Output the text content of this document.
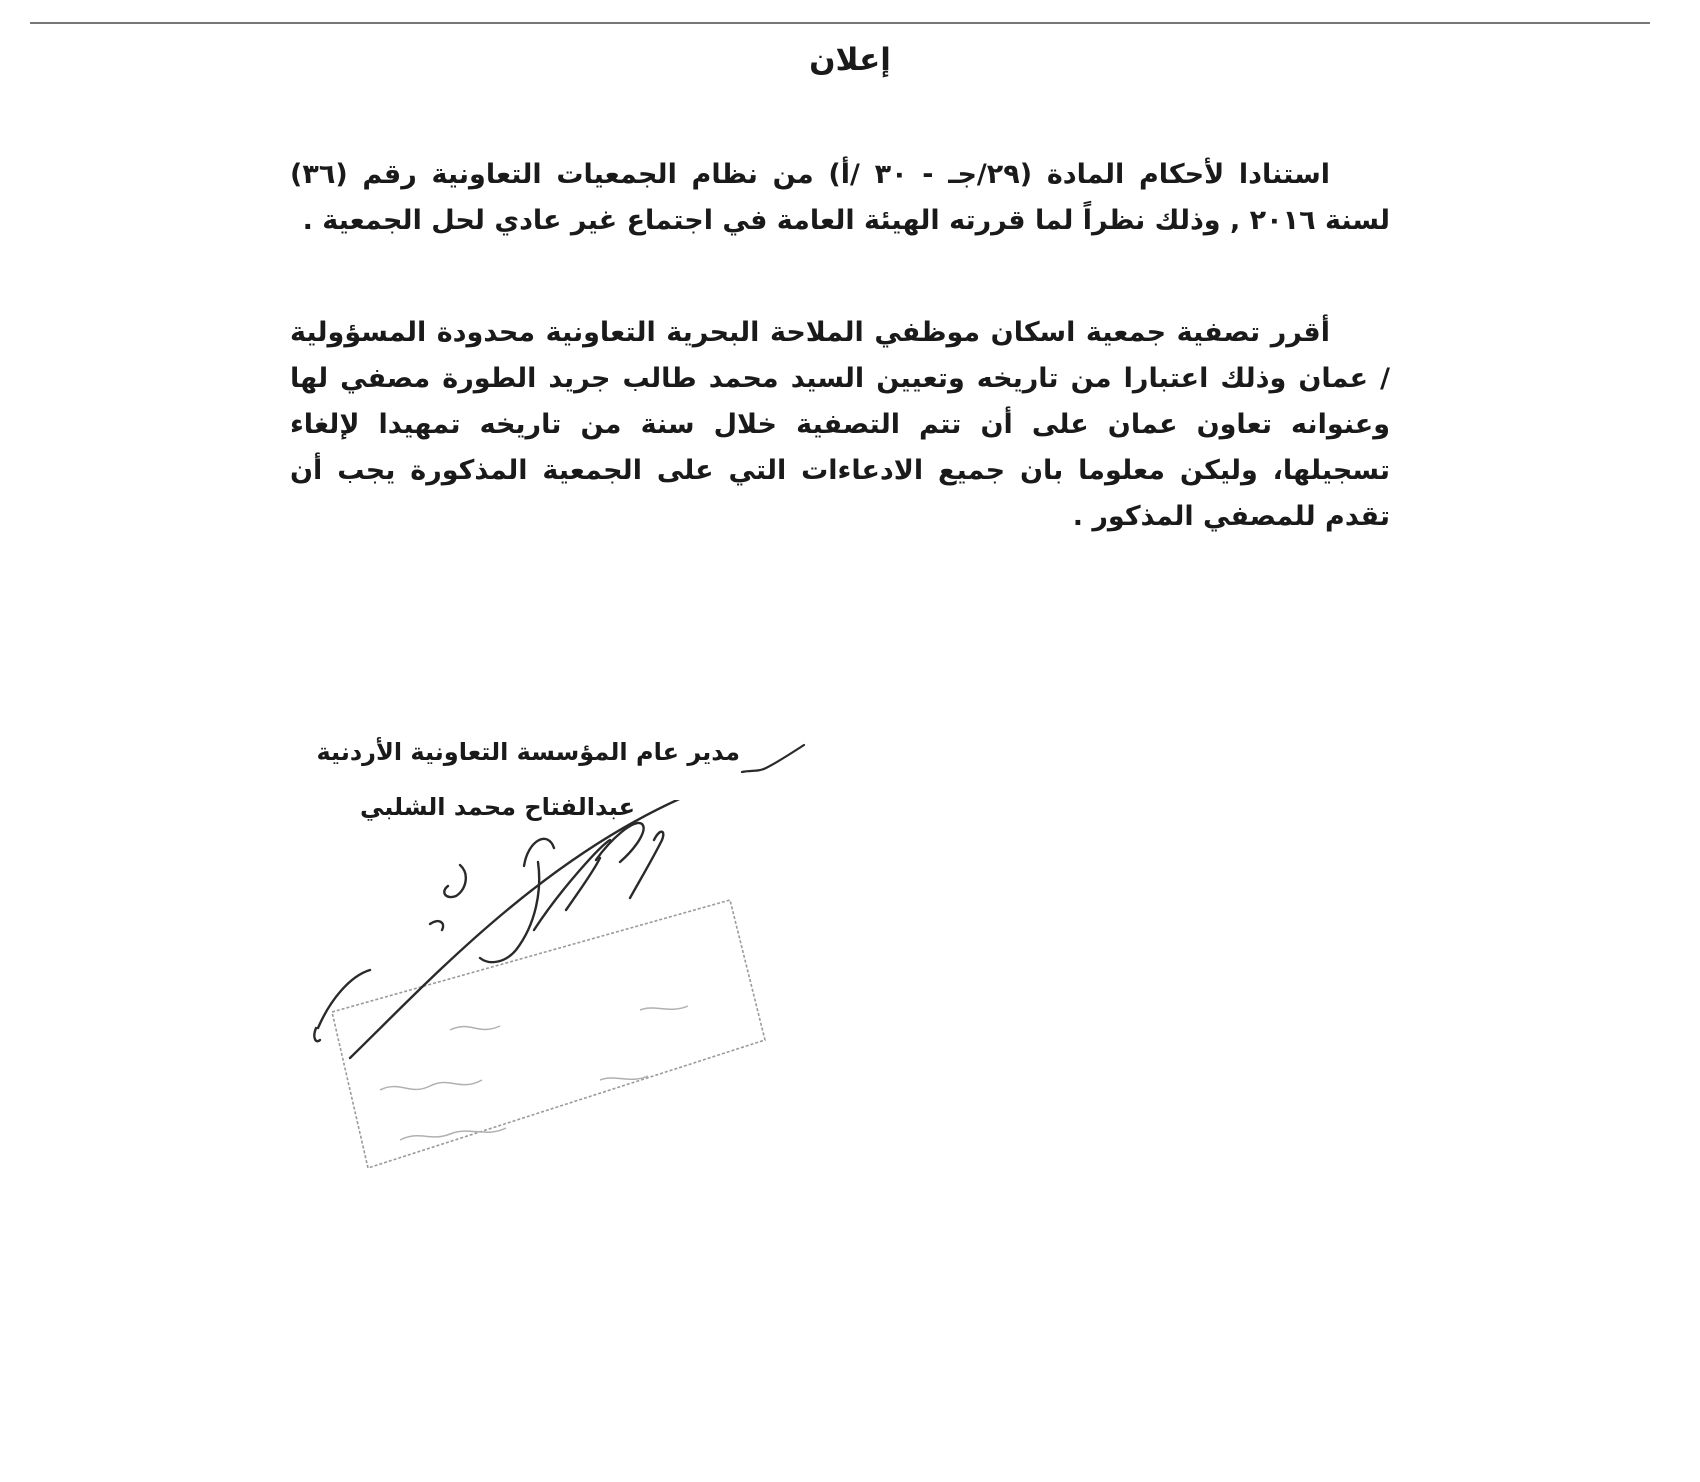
إعلان
استنادا لأحكام المادة (٢٩/جـ - ٣٠ /أ) من نظام الجمعيات التعاونية رقم (٣٦) لسنة ٢٠١٦ , وذلك نظراً لما قررته الهيئة العامة في اجتماع غير عادي لحل الجمعية .
أقرر تصفية جمعية اسكان موظفي الملاحة البحرية التعاونية محدودة المسؤولية / عمان وذلك اعتبارا من تاريخه وتعيين السيد محمد طالب جريد الطورة مصفي لها وعنوانه تعاون عمان على أن تتم التصفية خلال سنة من تاريخه تمهيدا لإلغاء تسجيلها، وليكن معلوما بان جميع الادعاءات التي على الجمعية المذكورة يجب أن تقدم للمصفي المذكور .
مدير عام المؤسسة التعاونية الأردنية
عبدالفتاح محمد الشلبي
